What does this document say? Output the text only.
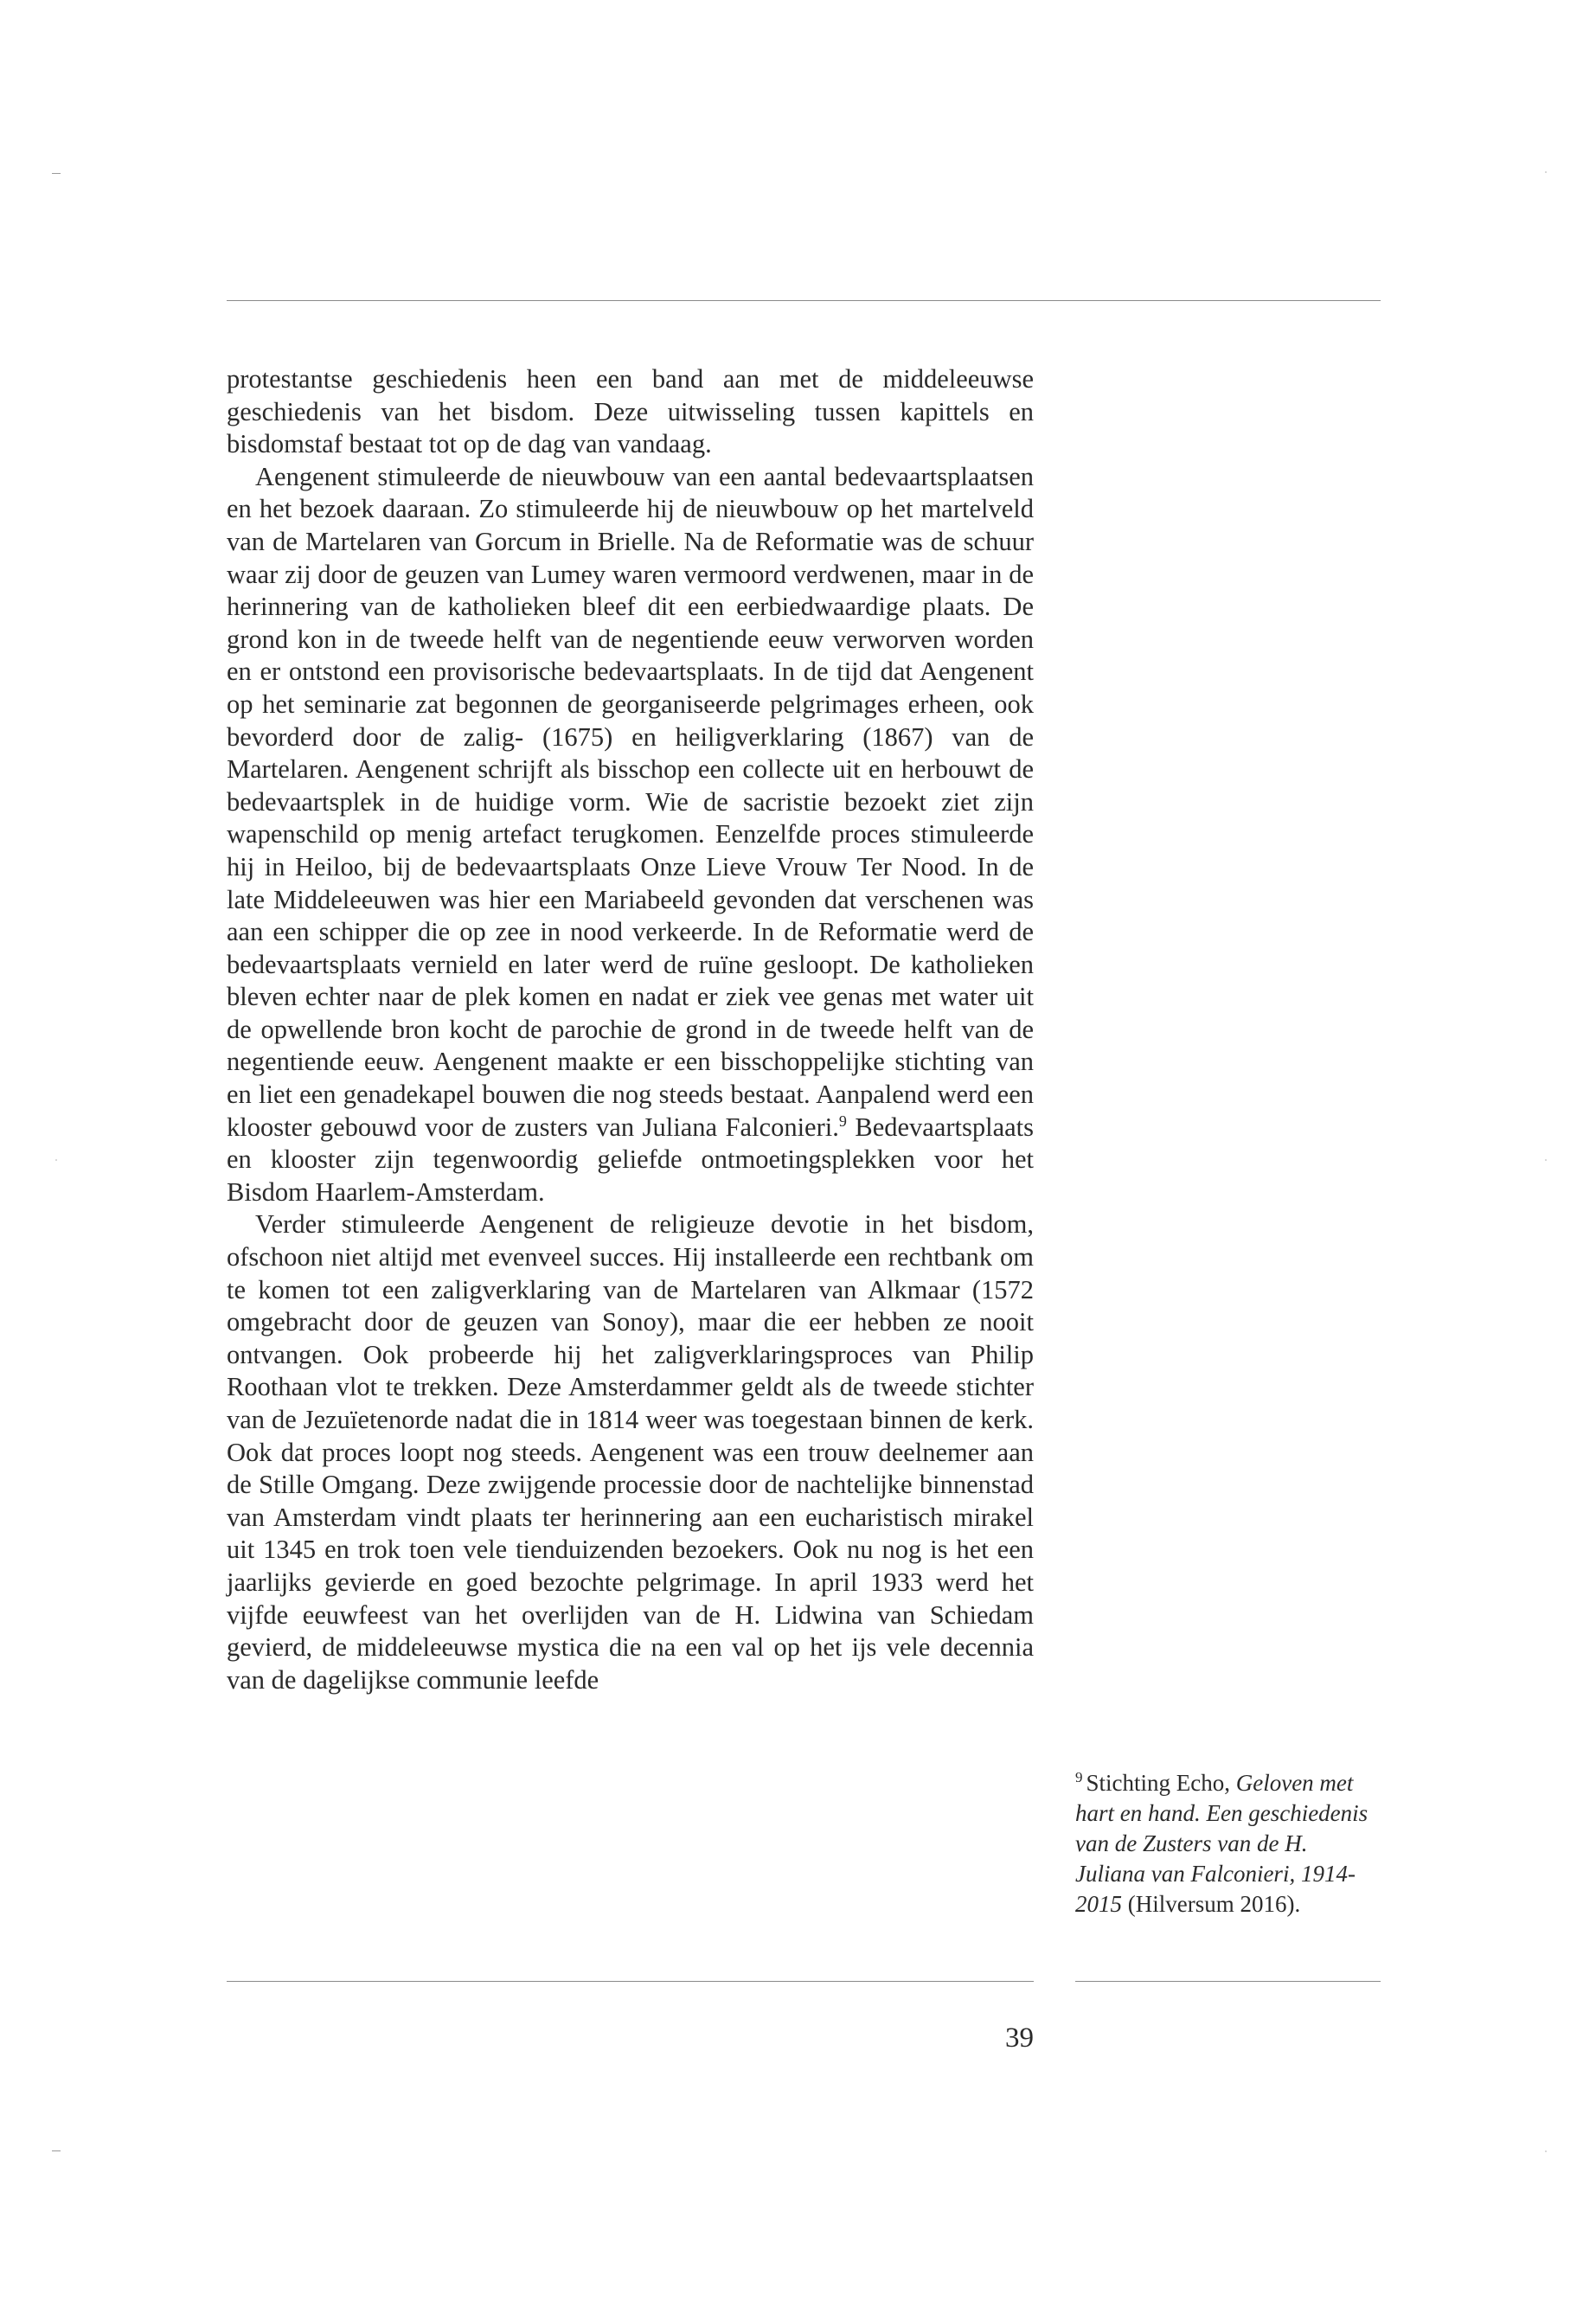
protestantse geschiedenis heen een band aan met de middeleeuwse geschiedenis van het bisdom. Deze uitwisseling tussen kapittels en bisdomstaf bestaat tot op de dag van vandaag.

Aengenent stimuleerde de nieuwbouw van een aantal bedevaartsplaatsen en het bezoek daaraan. Zo stimuleerde hij de nieuwbouw op het martelveld van de Martelaren van Gorcum in Brielle. Na de Reformatie was de schuur waar zij door de geuzen van Lumey waren vermoord verdwenen, maar in de herinnering van de katholieken bleef dit een eerbiedwaardige plaats. De grond kon in de tweede helft van de negentiende eeuw verworven worden en er ontstond een provisorische bedevaartsplaats. In de tijd dat Aengenent op het seminarie zat begonnen de georganiseerde pelgrimages erheen, ook bevorderd door de zalig- (1675) en heiligverklaring (1867) van de Martelaren. Aengenent schrijft als bisschop een collecte uit en herbouwt de bedevaartsplek in de huidige vorm. Wie de sacristie bezoekt ziet zijn wapenschild op menig artefact terugkomen. Eenzelfde proces stimuleerde hij in Heiloo, bij de bedevaartsplaats Onze Lieve Vrouw Ter Nood. In de late Middeleeuwen was hier een Mariabeeld gevonden dat verschenen was aan een schipper die op zee in nood verkeerde. In de Reformatie werd de bedevaartsplaats vernield en later werd de ruïne gesloopt. De katholieken bleven echter naar de plek komen en nadat er ziek vee genas met water uit de opwellende bron kocht de parochie de grond in de tweede helft van de negentiende eeuw. Aengenent maakte er een bisschoppelijke stichting van en liet een genadekapel bouwen die nog steeds bestaat. Aanpalend werd een klooster gebouwd voor de zusters van Juliana Falconieri.$^9$ Bedevaartsplaats en klooster zijn tegenwoordig geliefde ontmoetingsplekken voor het Bisdom Haarlem-Amsterdam.

Verder stimuleerde Aengenent de religieuze devotie in het bisdom, ofschoon niet altijd met evenveel succes. Hij installeerde een rechtbank om te komen tot een zaligverklaring van de Martelaren van Alkmaar (1572 omgebracht door de geuzen van Sonoy), maar die eer hebben ze nooit ontvangen. Ook probeerde hij het zaligverklaringsproces van Philip Roothaan vlot te trekken. Deze Amsterdammer geldt als de tweede stichter van de Jezuïetenorde nadat die in 1814 weer was toegestaan binnen de kerk. Ook dat proces loopt nog steeds. Aengenent was een trouw deelnemer aan de Stille Omgang. Deze zwijgende processie door de nachtelijke binnenstad van Amsterdam vindt plaats ter herinnering aan een eucharistisch mirakel uit 1345 en trok toen vele tienduizenden bezoekers. Ook nu nog is het een jaarlijks gevierde en goed bezochte pelgrimage. In april 1933 werd het vijfde eeuwfeest van het overlijden van de H. Lidwina van Schiedam gevierd, de middeleeuwse mystica die na een val op het ijs vele decennia van de dagelijkse communie leefde

$^9$ Stichting Echo, Geloven met hart en hand. Een geschiedenis van de Zusters van de H. Juliana van Falconieri, 1914-2015 (Hilversum 2016).
39
